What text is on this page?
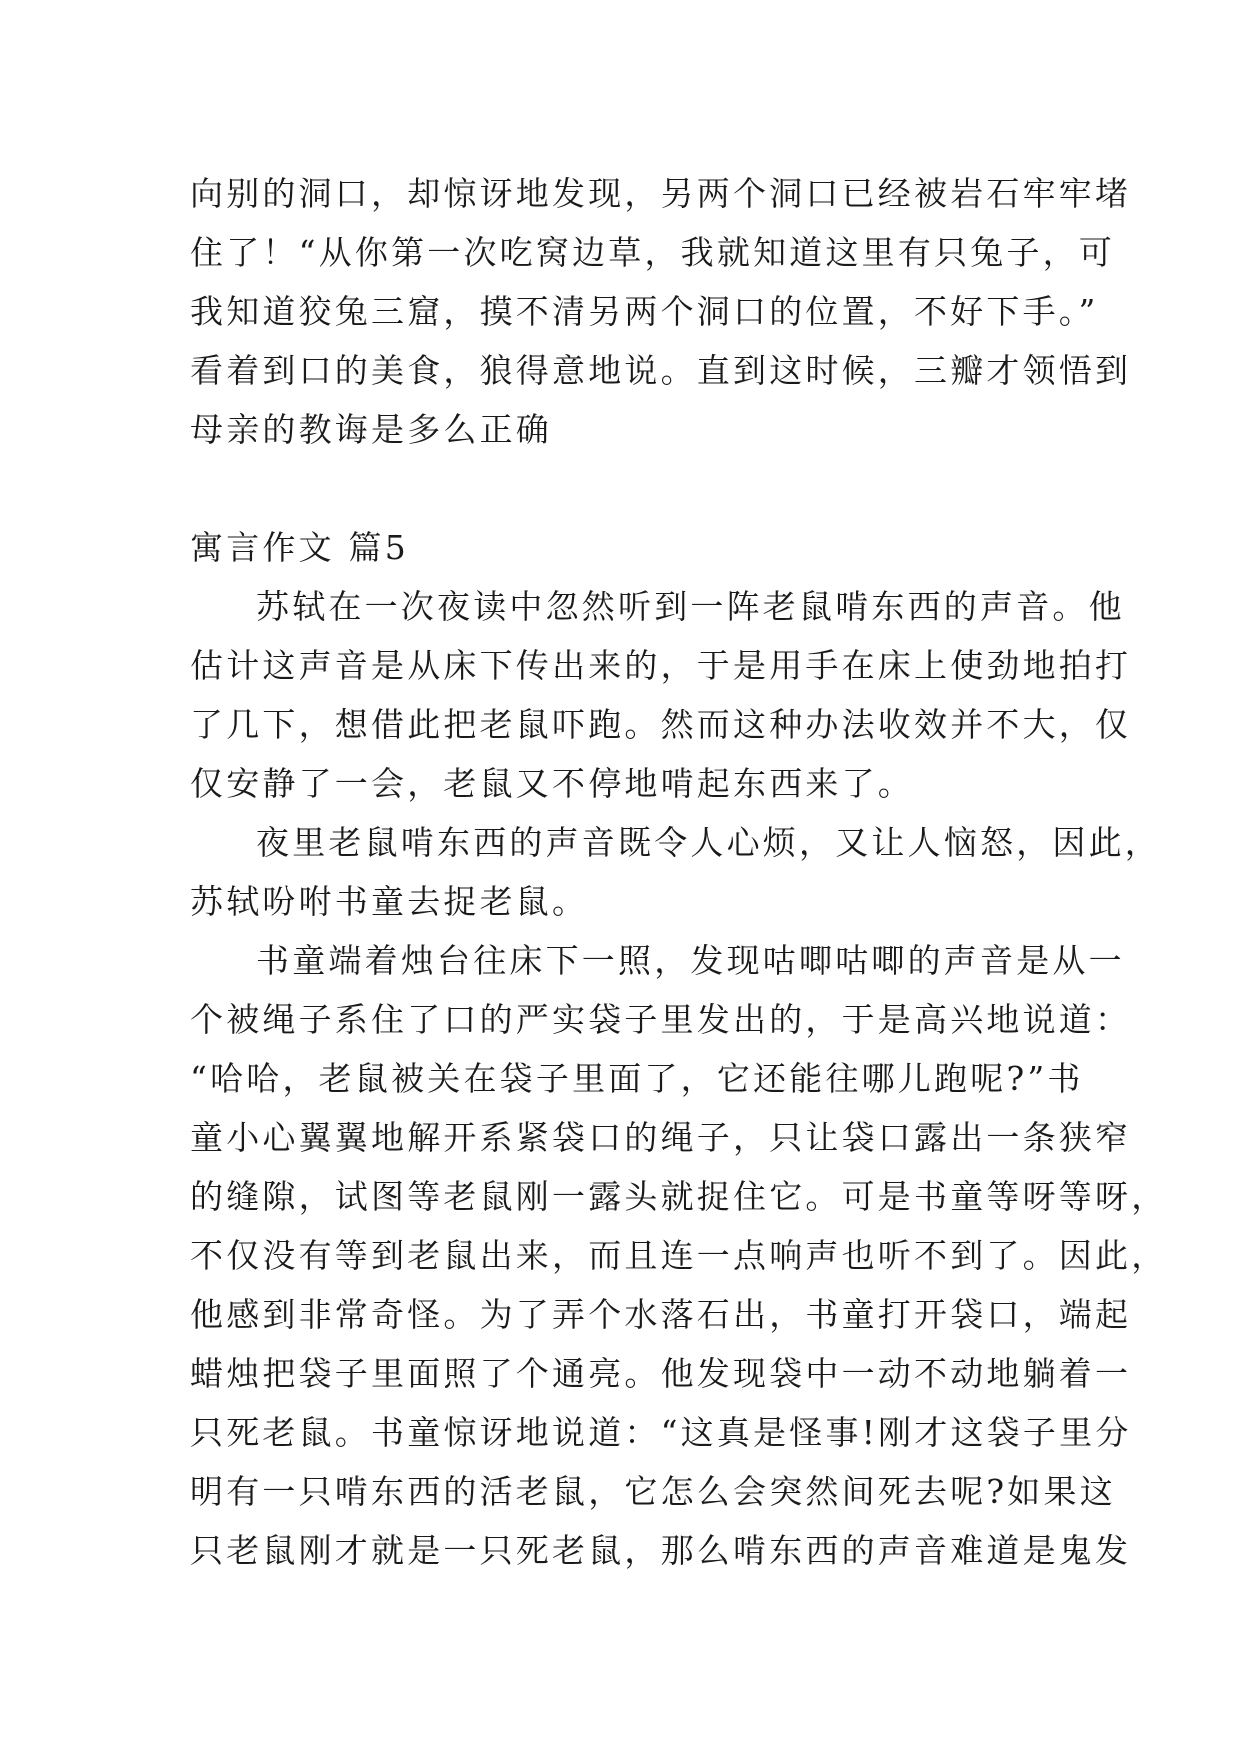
向别的洞口，却惊讶地发现，另两个洞口已经被岩石牢牢堵
住了！“从你第一次吃窝边草，我就知道这里有只兔子，可
我知道狡兔三窟，摸不清另两个洞口的位置，不好下手。”
看着到口的美食，狼得意地说。直到这时候，三瓣才领悟到
母亲的教诲是多么正确
寓言作文 篇5
苏轼在一次夜读中忽然听到一阵老鼠啃东西的声音。他
估计这声音是从床下传出来的，于是用手在床上使劲地拍打
了几下，想借此把老鼠吓跑。然而这种办法收效并不大，仅
仅安静了一会，老鼠又不停地啃起东西来了。
夜里老鼠啃东西的声音既令人心烦，又让人恼怒，因此，
苏轼吩咐书童去捉老鼠。
书童端着烛台往床下一照，发现咕唧咕唧的声音是从一
个被绳子系住了口的严实袋子里发出的，于是高兴地说道：
“哈哈，老鼠被关在袋子里面了，它还能往哪儿跑呢?”书
童小心翼翼地解开系紧袋口的绳子，只让袋口露出一条狭窄
的缝隙，试图等老鼠刚一露头就捉住它。可是书童等呀等呀，
不仅没有等到老鼠出来，而且连一点响声也听不到了。因此，
他感到非常奇怪。为了弄个水落石出，书童打开袋口，端起
蜡烛把袋子里面照了个通亮。他发现袋中一动不动地躺着一
只死老鼠。书童惊讶地说道：“这真是怪事!刚才这袋子里分
明有一只啃东西的活老鼠，它怎么会突然间死去呢?如果这
只老鼠刚才就是一只死老鼠，那么啃东西的声音难道是鬼发
